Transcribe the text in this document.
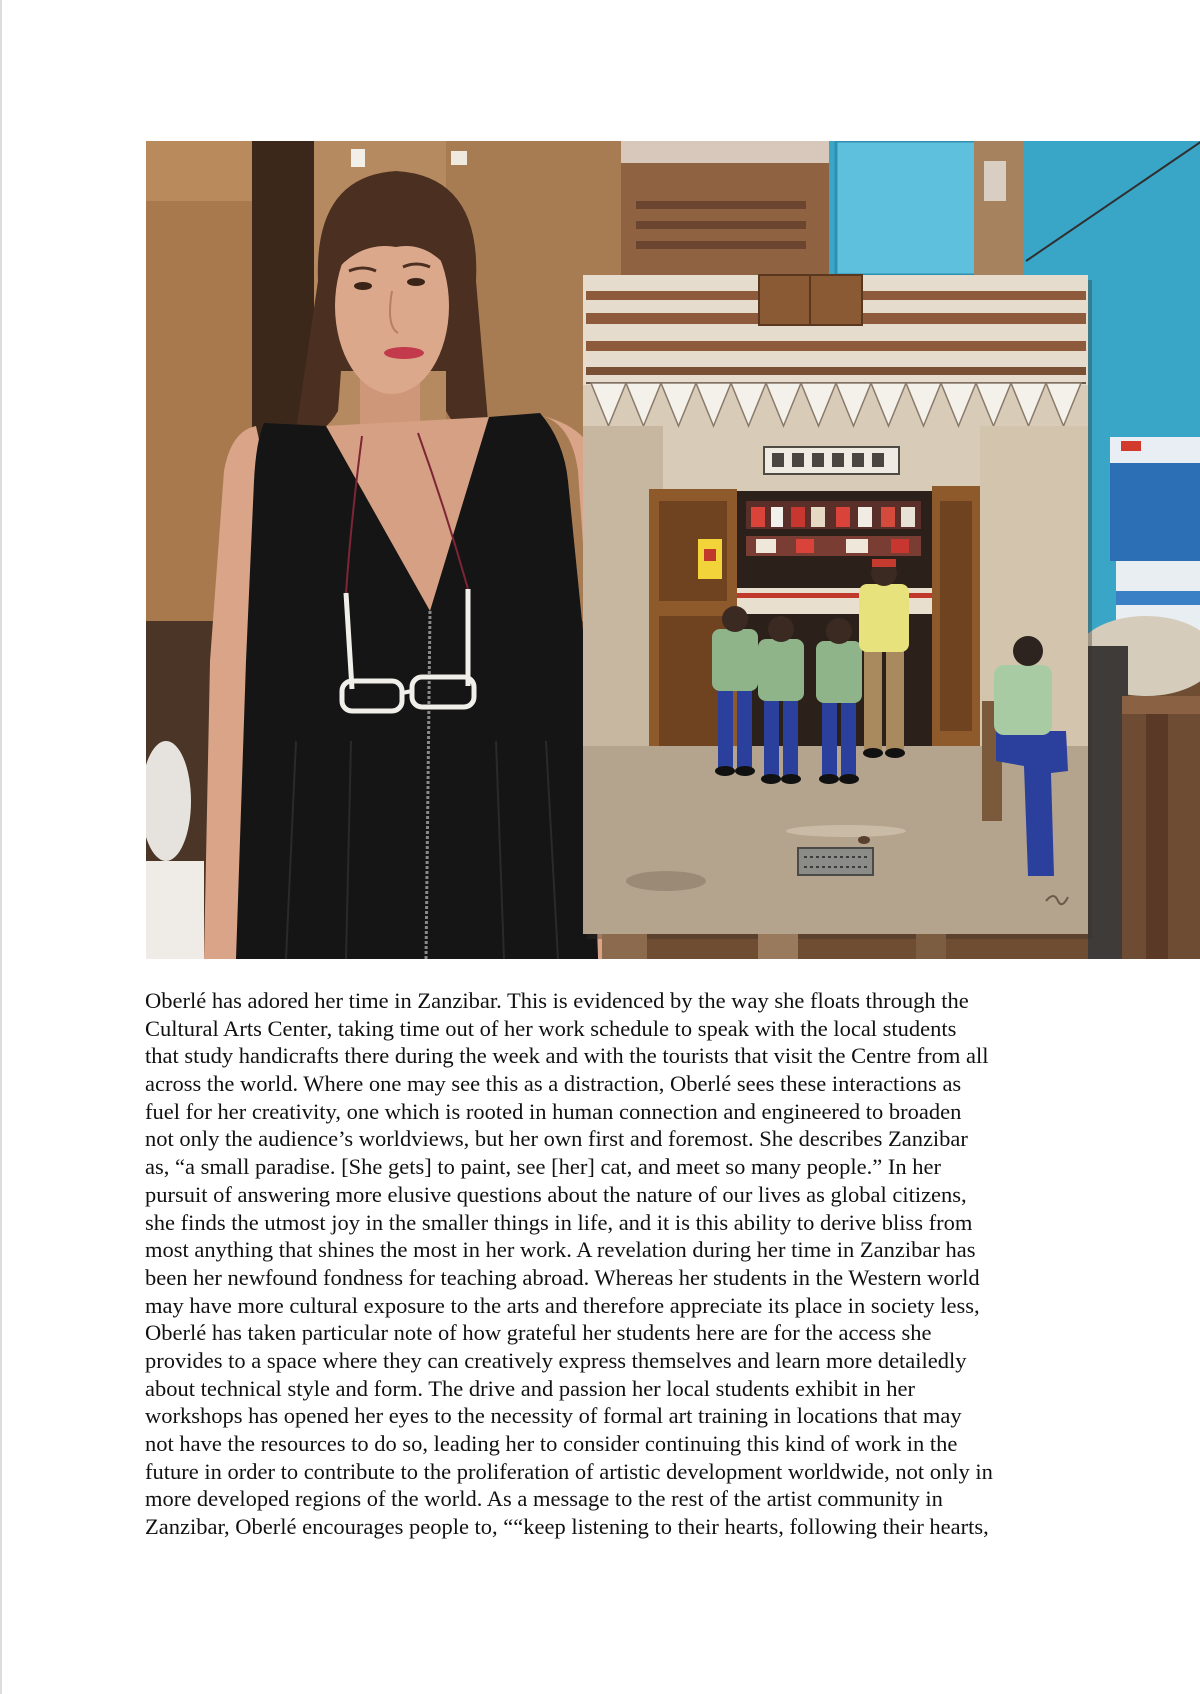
Oberlé has adored her time in Zanzibar. This is evidenced by the way she floats through the
Cultural Arts Center, taking time out of her work schedule to speak with the local students
that study handicrafts there during the week and with the tourists that visit the Centre from all
across the world. Where one may see this as a distraction, Oberlé sees these interactions as
fuel for her creativity, one which is rooted in human connection and engineered to broaden
not only the audience’s worldviews, but her own first and foremost. She describes Zanzibar
as, “a small paradise. [She gets] to paint, see [her] cat, and meet so many people.” In her
pursuit of answering more elusive questions about the nature of our lives as global citizens,
she finds the utmost joy in the smaller things in life, and it is this ability to derive bliss from
most anything that shines the most in her work. A revelation during her time in Zanzibar has
been her newfound fondness for teaching abroad. Whereas her students in the Western world
may have more cultural exposure to the arts and therefore appreciate its place in society less,
Oberlé has taken particular note of how grateful her students here are for the access she
provides to a space where they can creatively express themselves and learn more detailedly
about technical style and form. The drive and passion her local students exhibit in her
workshops has opened her eyes to the necessity of formal art training in locations that may
not have the resources to do so, leading her to consider continuing this kind of work in the
future in order to contribute to the proliferation of artistic development worldwide, not only in
more developed regions of the world. As a message to the rest of the artist community in
Zanzibar, Oberlé encourages people to, ““keep listening to their hearts, following their hearts,
